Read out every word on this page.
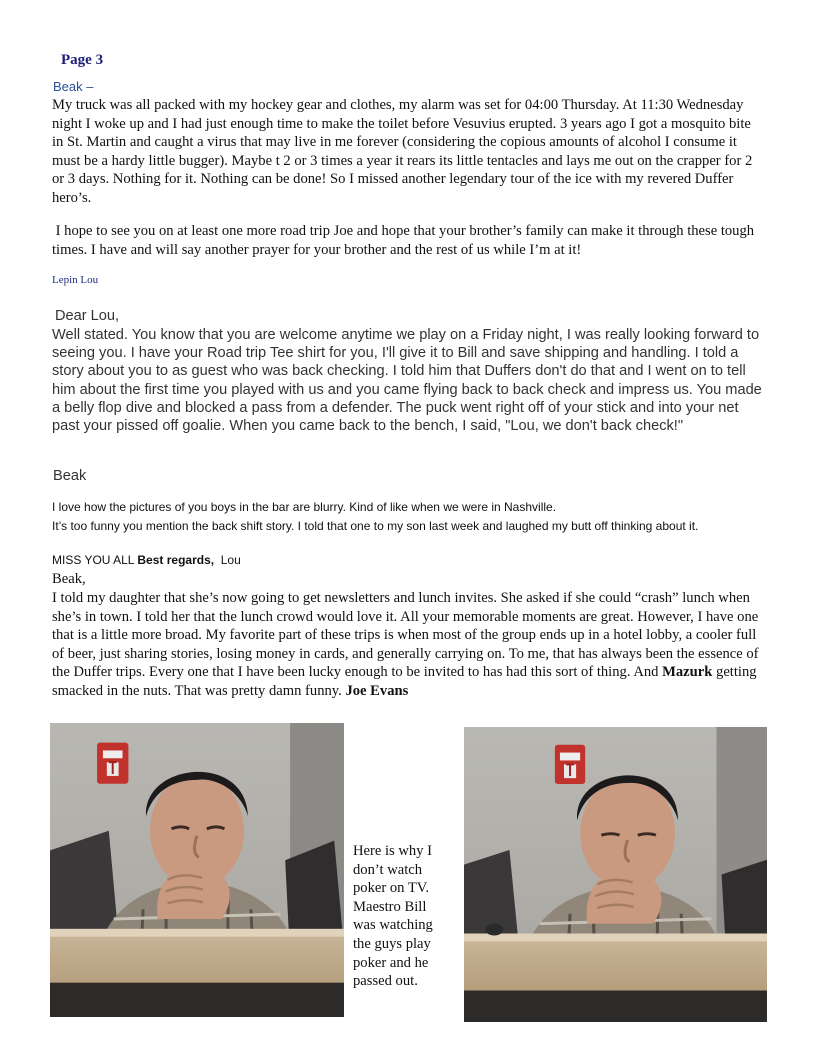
Page 3
Beak –
My truck was all packed with my hockey gear and clothes, my alarm was set for 04:00 Thursday. At 11:30 Wednesday night I woke up and I had just enough time to make the toilet before Vesuvius erupted. 3 years ago I got a mosquito bite in St. Martin and caught a virus that may live in me forever (considering the copious amounts of alcohol I consume it must be a hardy little bugger). Maybe t 2 or 3 times a year it rears its little tentacles and lays me out on the crapper for 2 or 3 days. Nothing for it. Nothing can be done! So I missed another legendary tour of the ice with my revered Duffer hero’s.
I hope to see you on at least one more road trip Joe and hope that your brother’s family can make it through these tough times. I have and will say another prayer for your brother and the rest of us while I’m at it!
Lepin Lou
Dear Lou,
Well stated. You know that you are welcome anytime we play on a Friday night, I was really looking forward to seeing you. I have your Road trip Tee shirt for you, I'll give it to Bill and save shipping and handling. I told a story about you to as guest who was back checking. I told him that Duffers don't do that and I went on to tell him about the first time you played with us and you came flying back to back check and impress us. You made a belly flop dive and blocked a pass from a defender. The puck went right off of your stick and into your net past your pissed off goalie. When you came back to the bench, I said, "Lou, we don't back check!"
Beak
I love how the pictures of you boys in the bar are blurry. Kind of like when we were in Nashville.
It’s too funny you mention the back shift story. I told that one to my son last week and laughed my butt off thinking about it.
MISS YOU ALL Best regards,  Lou
Beak,
I told my daughter that she’s now going to get newsletters and lunch invites. She asked if she could “crash” lunch when she’s in town. I told her that the lunch crowd would love it. All your memorable moments are great. However, I have one that is a little more broad. My favorite part of these trips is when most of the group ends up in a hotel lobby, a cooler full of beer, just sharing stories, losing money in cards, and generally carrying on. To me, that has always been the essence of the Duffer trips. Every one that I have been lucky enough to be invited to has had this sort of thing. And Mazurk getting smacked in the nuts. That was pretty damn funny. Joe Evans
Here is why I don’t watch poker on TV. Maestro Bill was watching the guys play poker and he passed out.
